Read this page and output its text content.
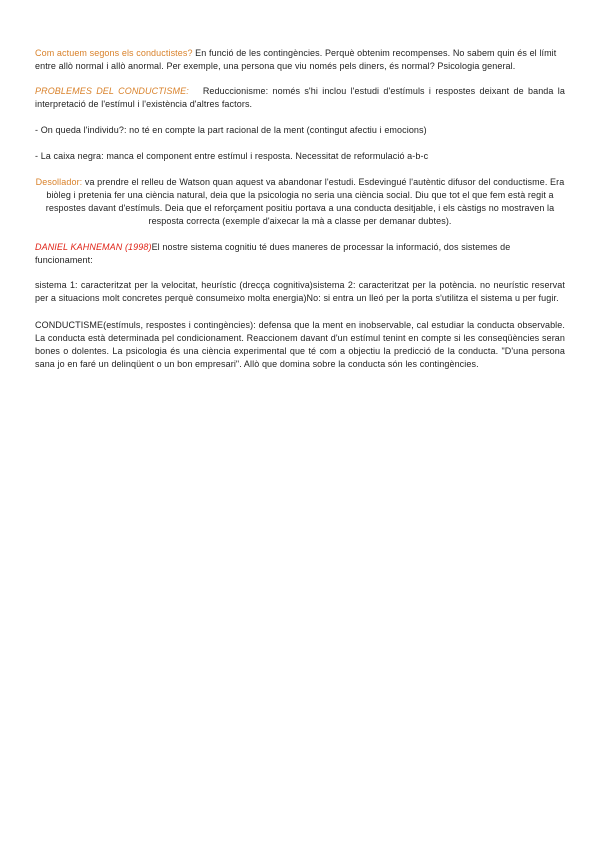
Com actuem segons els conductistes? En funció de les contingències. Perquè obtenim recompenses. No sabem quin és el límit entre allò normal i allò anormal. Per exemple, una persona que viu només pels diners, és normal? Psicologia general.

PROBLEMES DEL CONDUCTISME: Reduccionisme: només s'hi inclou l'estudi d'estímuls i respostes deixant de banda la interpretació de l'estímul i l'existència d'altres factors.

- On queda l'individu?: no té en compte la part racional de la ment (contingut afectiu i emocions)

- La caixa negra: manca el component entre estímul i resposta. Necessitat de reformulació a-b-c

Desollador: va prendre el relleu de Watson quan aquest va abandonar l'estudi. Esdevingué l'autèntic difusor del conductisme. Era biòleg i pretenia fer una ciència natural, deia que la psicologia no seria una ciència social. Diu que tot el que fem està regit a respostes davant d'estímuls. Deia que el reforçament positiu portava a una conducta desitjable, i els càstigs no mostraven la resposta correcta (exemple d'aixecar la mà a classe per demanar dubtes).

DANIEL KAHNEMAN (1998)El nostre sistema cognitiu té dues maneres de processar la informació, dos sistemes de funcionament:

sistema 1: caracteritzat per la velocitat, heurístic (drecça cognitiva)sistema 2: caracteritzat per la potència. no neurístic reservat per a situacions molt concretes perquè consumeixo molta energia)No: si entra un lleó per la porta s'utilitza el sistema u per fugir.

CONDUCTISME(estímuls, respostes i contingències): defensa que la ment en inobservable, cal estudiar la conducta observable. La conducta està determinada pel condicionament. Reaccionem davant d'un estímul tenint en compte si les conseqüències seran bones o dolentes. La psicologia és una ciència experimental que té com a objectiu la predicció de la conducta. "D'una persona sana jo en faré un delinqüent o un bon empresari". Allò que domina sobre la conducta són les contingències.
